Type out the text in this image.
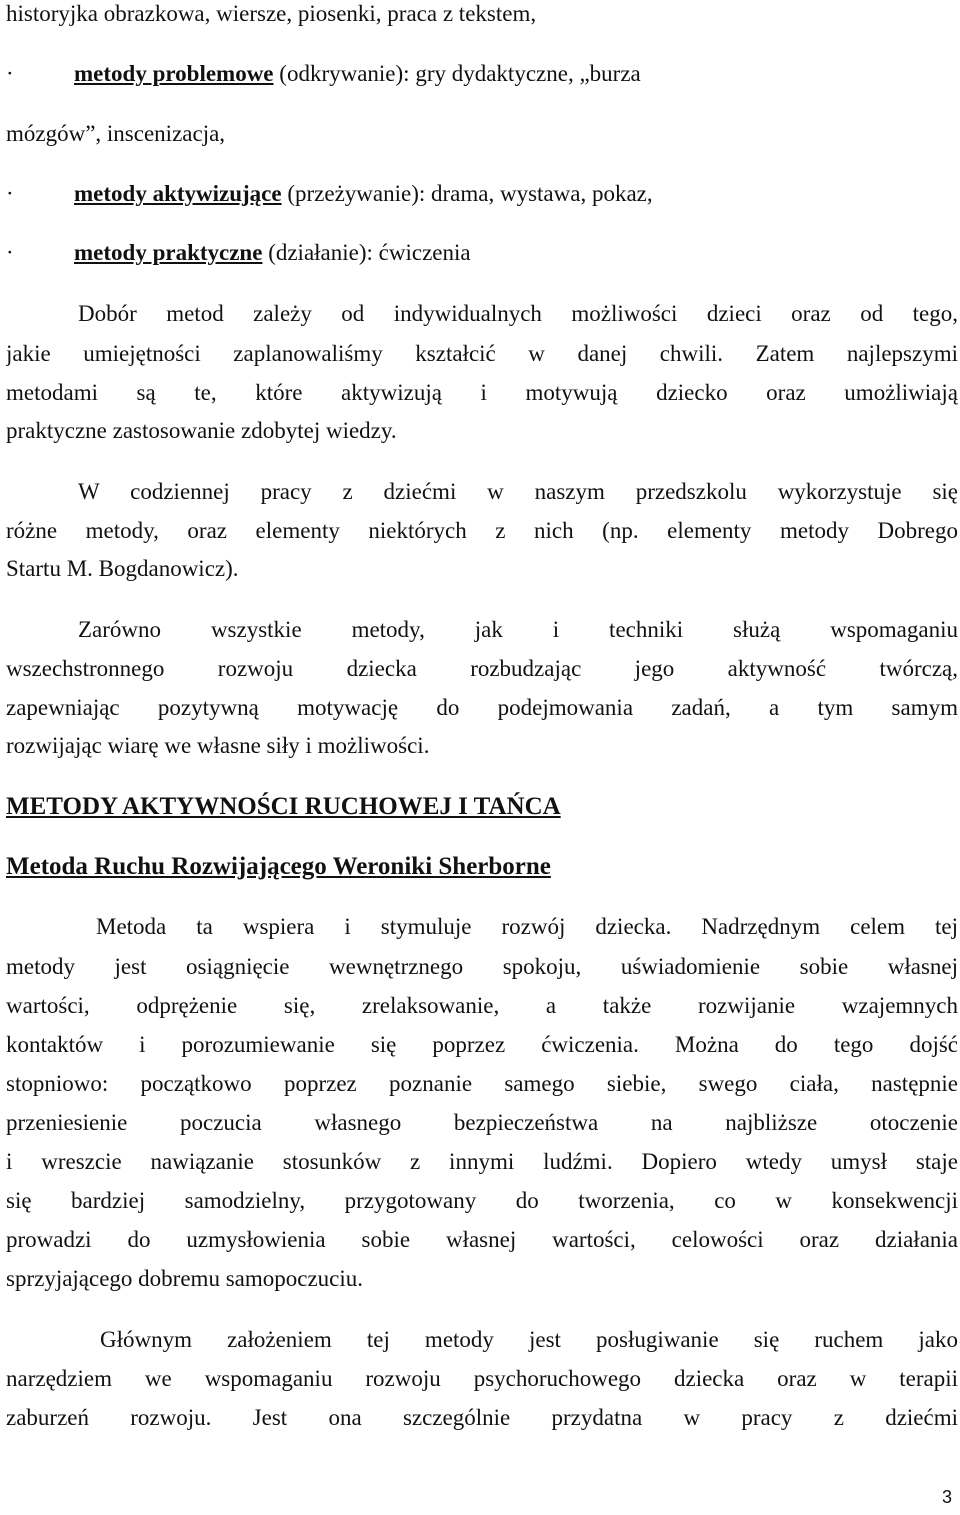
historyjka obrazkowa, wiersze, piosenki, praca z tekstem,
·	metody problemowe (odkrywanie): gry dydaktyczne, „burza
mózgów”, inscenizacja,
·	metody aktywizujące (przeżywanie): drama, wystawa, pokaz,
·	metody praktyczne (działanie): ćwiczenia
Dobór metod zależy od indywidualnych możliwości dzieci oraz od tego,
jakie umiejętności zaplanowaliśmy kształcić w danej chwili. Zatem najlepszymi
metodami są te, które aktywizują i motywują dziecko oraz umożliwiają
praktyczne zastosowanie zdobytej wiedzy.
W codziennej pracy z dziećmi w naszym przedszkolu wykorzystuje się
różne metody, oraz elementy niektórych z nich (np. elementy metody Dobrego
Startu M. Bogdanowicz).
Zarówno wszystkie metody, jak i techniki służą wspomaganiu
wszechstronnego rozwoju dziecka rozbudzając jego aktywność twórczą,
zapewniając pozytywną motywację do podejmowania zadań, a tym samym
rozwijając wiarę we własne siły i możliwości.
METODY AKTYWNOŚCI RUCHOWEJ I TAŃCA
Metoda Ruchu Rozwijającego Weroniki Sherborne
Metoda ta wspiera i stymuluje rozwój dziecka. Nadrzędnym celem tej
metody jest osiągnięcie wewnętrznego spokoju, uświadomienie sobie własnej
wartości, odprężenie się, zrelaksowanie, a także rozwijanie wzajemnych
kontaktów i porozumiewanie się poprzez ćwiczenia. Można do tego dojść
stopniowo: początkowo poprzez poznanie samego siebie, swego ciała, następnie
przeniesienie poczucia własnego bezpieczeństwa na najbliższe otoczenie
i wreszcie nawiązanie stosunków z innymi ludźmi. Dopiero wtedy umysł staje
się bardziej samodzielny, przygotowany do tworzenia, co w konsekwencji
prowadzi do uzmysłowienia sobie własnej wartości, celowości oraz działania
sprzyjającego dobremu samopoczuciu.
Głównym założeniem tej metody jest posługiwanie się ruchem jako
narzędziem we wspomaganiu rozwoju psychoruchowego dziecka oraz w terapii
zaburzeń rozwoju. Jest ona szczególnie przydatna w pracy z dziećmi
3
